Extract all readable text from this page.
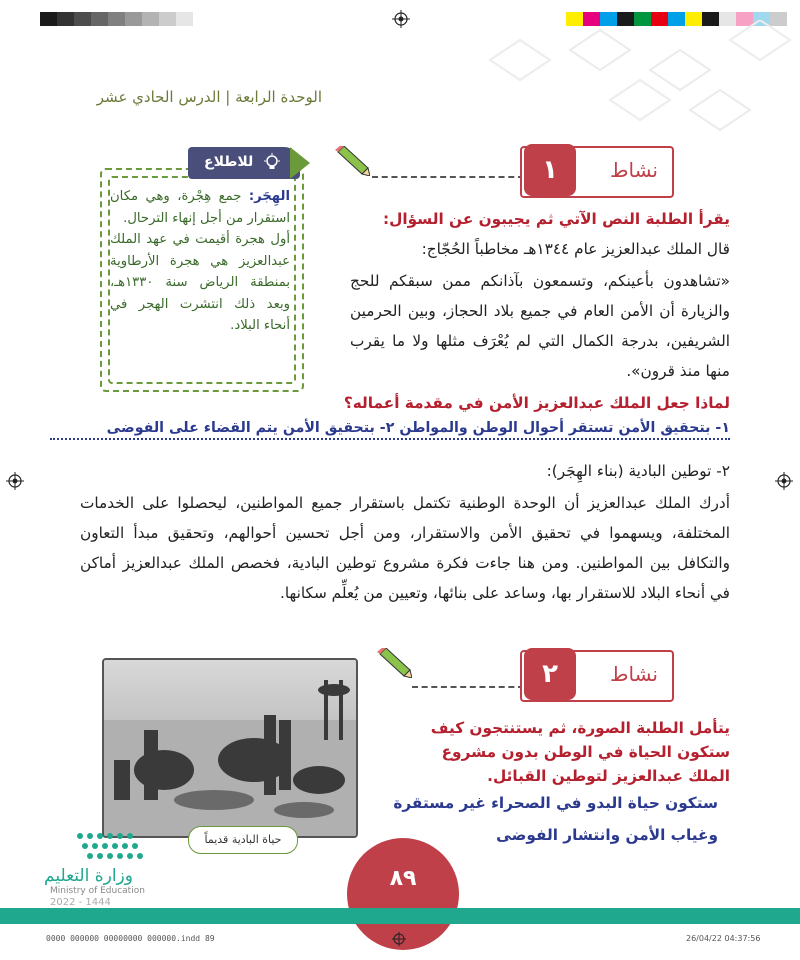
الوحدة الرابعة | الدرس الحادي عشر
نشاط
١
للاطلاع
الهِجَر: جمع هِجْرة، وهي مكان استقرار من أجل إنهاء الترحال.
أول هجرة أقيمت في عهد الملك عبدالعزيز هي هجرة الأرطاوية بمنطقة الرياض سنة ١٣٣٠هـ، وبعد ذلك انتشرت الهجر في أنحاء البلاد.
يقرأ الطلبة النص الآتي ثم يجيبون عن السؤال:
قال الملك عبدالعزيز عام ١٣٤٤هـ مخاطباً الحُجّاج:
«تشاهدون بأعينكم، وتسمعون بآذانكم ممن سبقكم للحج والزيارة أن الأمن العام في جميع بلاد الحجاز، وبين الحرمين الشريفين، بدرجة الكمال التي لم يُعْرَف مثلها ولا ما يقرب منها منذ قرون».
لماذا جعل الملك عبدالعزيز الأمن في مقدمة أعماله؟
١- بتحقيق الأمن تستقر أحوال الوطن والمواطن ٢- بتحقيق الأمن يتم القضاء على الفوضى
٢- توطين البادية (بناء الهِجَر):
أدرك الملك عبدالعزيز أن الوحدة الوطنية تكتمل باستقرار جميع المواطنين، ليحصلوا على الخدمات المختلفة، ويسهموا في تحقيق الأمن والاستقرار، ومن أجل تحسين أحوالهم، وتحقيق مبدأ التعاون والتكافل بين المواطنين. ومن هنا جاءت فكرة مشروع توطين البادية، فخصص الملك عبدالعزيز أماكن في أنحاء البلاد للاستقرار بها، وساعد على بنائها، وتعيين من يُعلِّم سكانها.
نشاط
٢
يتأمل الطلبة الصورة، ثم يستنتجون كيف ستكون الحياة في الوطن بدون مشروع الملك عبدالعزيز لتوطين القبائل.
ستكون حياة البدو في الصحراء غير مستقرة
وغياب الأمن وانتشار الفوضى
حياة البادية قديماً
وزارة التعليم
Ministry of Education
2022 - 1444
٨٩
0000 000000 00000000 000000.indd 89	26/04/22 04:37:56
